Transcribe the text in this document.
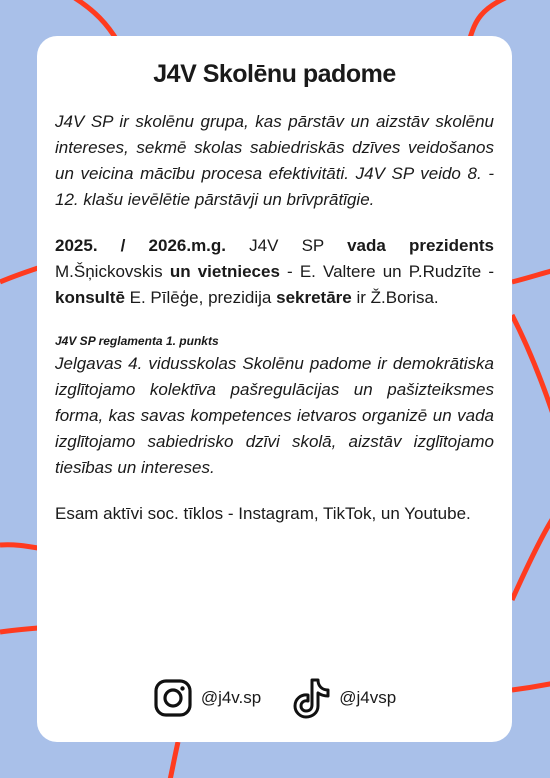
J4V Skolēnu padome

J4V SP ir skolēnu grupa, kas pārstāv un aizstāv skolēnu intereses, sekmē skolas sabiedriskās dzīves veidošanos un veicina mācību procesa efektivitāti. J4V SP veido 8. - 12. klašu ievēlētie pārstāvji un brīvprātīgie.

2025. / 2026.m.g. J4V SP vada prezidents M.Šņickovskis un vietnieces - E. Valtere un P.Rudzīte - konsultē E. Pīlēģe, prezidija sekretāre ir Ž.Borisa.

J4V SP reglamenta 1. punkts

Jelgavas 4. vidusskolas Skolēnu padome ir demokrātiska izglītojamo kolektīva pašregulācijas un pašizteiksmes forma, kas savas kompetences ietvaros organizē un vada izglītojamo sabiedrisko dzīvi skolā, aizstāv izglītojamo tiesības un intereses.

Esam aktīvi soc. tīklos - Instagram, TikTok, un Youtube.

@j4v.sp	@j4vsp
